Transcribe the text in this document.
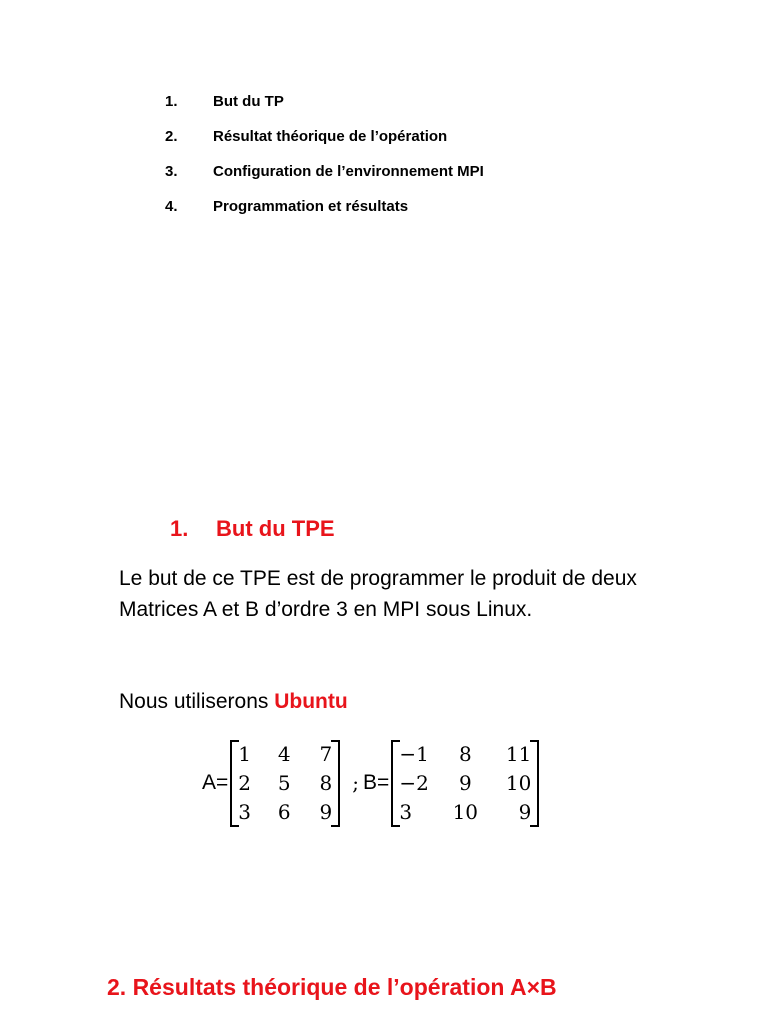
1.	But du TP
2.	Résultat théorique de l’opération
3.	Configuration de l’environnement MPI
4.	Programmation et résultats
1.	But du TPE

Le but de ce TPE est de programmer le produit de deux Matrices A et B d’ordre 3 en MPI sous Linux.

Nous utiliserons Ubuntu

A=
1	4	7
2	5	8
3	6	9
; B=
−1	8	11
−2	9	10
3	10	9
2. Résultats théorique de l’opération A×B
